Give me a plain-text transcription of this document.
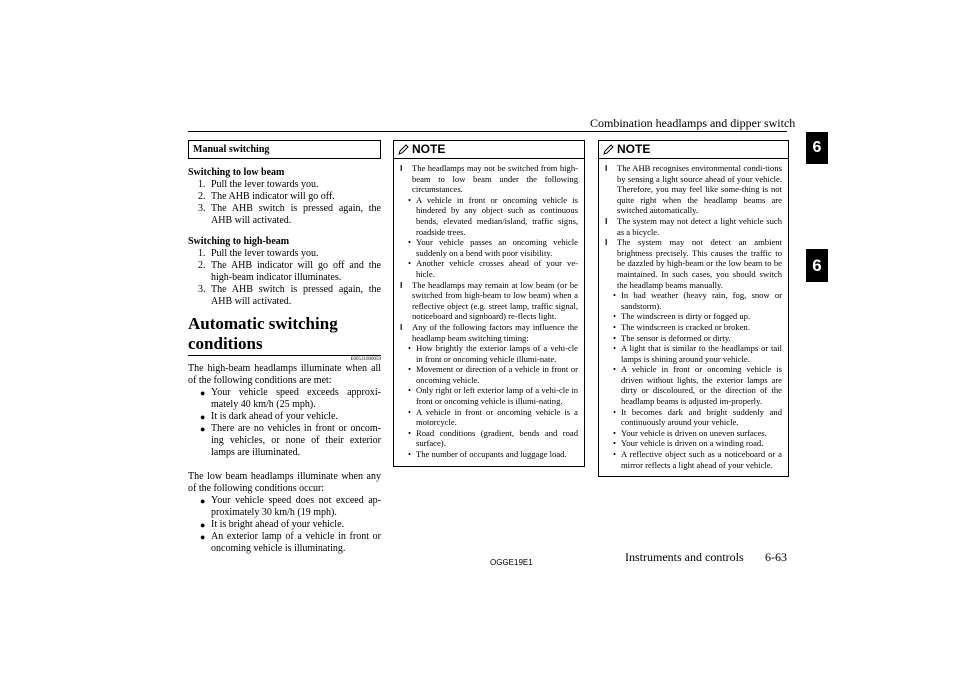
Combination headlamps and dipper switch
6
6
Manual switching
Switching to low beam
1. Pull the lever towards you.
2. The AHB indicator will go off.
3. The AHB switch is pressed again, the AHB will activated.
Switching to high-beam
1. Pull the lever towards you.
2. The AHB indicator will go off and the high-beam indicator illuminates.
3. The AHB switch is pressed again, the AHB will activated.
Automatic switching conditions
E00531600059

The high-beam headlamps illuminate when all of the following conditions are met:

● Your vehicle speed exceeds approxi-mately 40 km/h (25 mph).
● It is dark ahead of your vehicle.
● There are no vehicles in front or oncom-ing vehicles, or none of their exterior lamps are illuminated.

The low beam headlamps illuminate when any of the following conditions occur:

● Your vehicle speed does not exceed ap-proximately 30 km/h (19 mph).
● It is bright ahead of your vehicle.
● An exterior lamp of a vehicle in front or oncoming vehicle is illuminating.
NOTE
l The headlamps may not be switched from high-beam to low beam under the following circumstances.
• A vehicle in front or oncoming vehicle is hindered by any object such as continuous bends, elevated median/island, traffic signs, roadside trees.
• Your vehicle passes an oncoming vehicle suddenly on a bend with poor visibility.
• Another vehicle crosses ahead of your ve-hicle.
l The headlamps may remain at low beam (or be switched from high-beam to low beam) when a reflective object (e.g. street lamp, traffic signal, noticeboard and signboard) re-flects light.
l Any of the following factors may influence the headlamp beam switching timing:
• How brightly the exterior lamps of a vehi-cle in front or oncoming vehicle illumi-nate.
• Movement or direction of a vehicle in front or oncoming vehicle.
• Only right or left exterior lamp of a vehi-cle in front or oncoming vehicle is illumi-nating.
• A vehicle in front or oncoming vehicle is a motorcycle.
• Road conditions (gradient, bends and road surface).
• The number of occupants and luggage load.
NOTE
l The AHB recognises environmental condi-tions by sensing a light source ahead of your vehicle. Therefore, you may feel like some-thing is not quite right when the headlamp beams are switched automatically.
l The system may not detect a light vehicle such as a bicycle.
l The system may not detect an ambient brightness precisely. This causes the traffic to be dazzled by high-beam or the low beam to be maintained. In such cases, you should switch the headlamp beams manually.
• In bad weather (heavy rain, fog, snow or sandstorm).
• The windscreen is dirty or fogged up.
• The windscreen is cracked or broken.
• The sensor is deformed or dirty.
• A light that is similar to the headlamps or tail lamps is shining around your vehicle.
• A vehicle in front or oncoming vehicle is driven without lights, the exterior lamps are dirty or discoloured, or the direction of the headlamp beams is adjusted im-properly.
• It becomes dark and bright suddenly and continuously around your vehicle.
• Your vehicle is driven on uneven surfaces.
• Your vehicle is driven on a winding road.
• A reflective object such as a noticeboard or a mirror reflects a light ahead of your vehicle.
OGGE19E1	Instruments and controls 6-63
